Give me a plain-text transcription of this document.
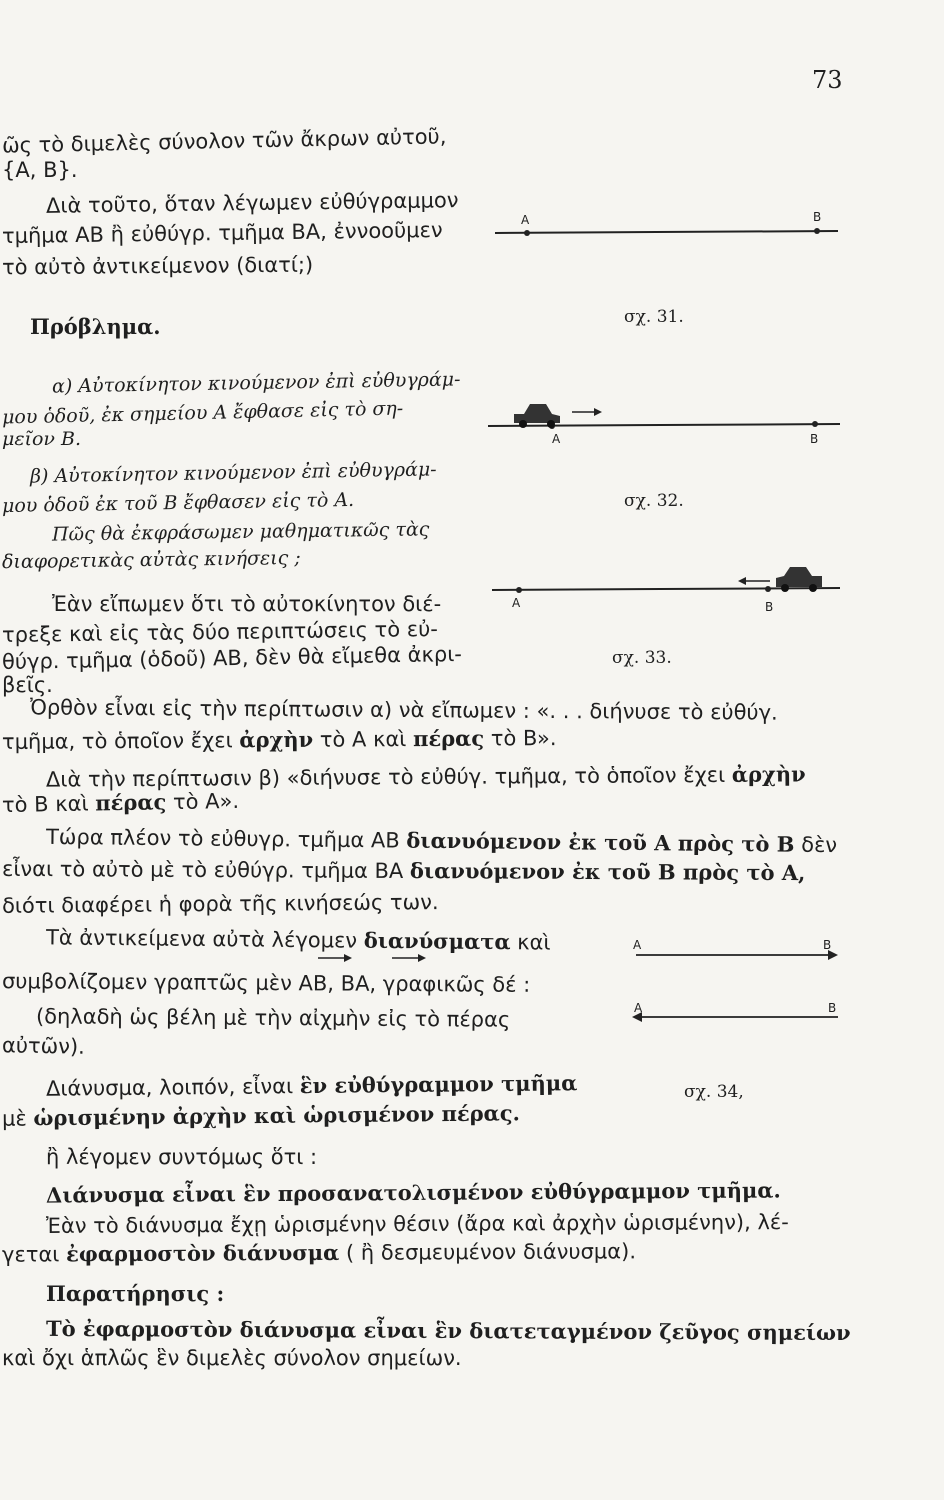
73
ῶς τὸ διμελὲς σύνολον τῶν ἄκρων αὐτοῦ,
{A, B}.
Διὰ τοῦτο, ὅταν λέγωμεν εὐθύγραμμον
τμῆμα AB ἢ εὐθύγρ. τμῆμα BA, ἐννοοῦμεν
τὸ αὐτὸ ἀντικείμενον (διατί;)
Πρόβλημα.
α) Αὐτοκίνητον κινούμενον ἐπὶ εὐθυγράμ-
μου ὁδοῦ, ἐκ σημείου A ἔφθασε εἰς τὸ ση-
μεῖον B.
β) Αὐτοκίνητον κινούμενον ἐπὶ εὐθυγράμ-
μου ὁδοῦ ἐκ τοῦ B ἔφθασεν εἰς τὸ A.
Πῶς θὰ ἐκφράσωμεν μαθηματικῶς τὰς
διαφορετικὰς αὐτὰς κινήσεις ;
Ἐὰν εἴπωμεν ὅτι τὸ αὐτοκίνητον διέ-
τρεξε καὶ εἰς τὰς δύο περιπτώσεις τὸ εὐ-
θύγρ. τμῆμα (ὁδοῦ) AB, δὲν θὰ εἴμεθα ἀκρι-
βεῖς.
Ὀρθὸν εἶναι εἰς τὴν περίπτωσιν α) νὰ εἴπωμεν : «. . . διήνυσε τὸ εὐθύγ.
τμῆμα, τὸ ὁποῖον ἔχει ἀρχὴν τὸ A καὶ πέρας τὸ B».
Διὰ τὴν περίπτωσιν β) «διήνυσε τὸ εὐθύγ. τμῆμα, τὸ ὁποῖον ἔχει ἀρχὴν
τὸ B καὶ πέρας τὸ A».
Τώρα πλέον τὸ εὐθυγρ. τμῆμα AB διανυόμενον ἐκ τοῦ A πρὸς τὸ B δὲν
εἶναι τὸ αὐτὸ μὲ τὸ εὐθύγρ. τμῆμα BA διανυόμενον ἐκ τοῦ B πρὸς τὸ A,
διότι διαφέρει ἡ φορὰ τῆς κινήσεώς των.
Τὰ ἀντικείμενα αὐτὰ λέγομεν διανύσματα καὶ
συμβολίζομεν γραπτῶς μὲν AB, BA, γραφικῶς δέ :
(δηλαδὴ ὡς βέλη μὲ τὴν αἰχμὴν εἰς τὸ πέρας
αὐτῶν).
Διάνυσμα, λοιπόν, εἶναι ἓν εὐθύγραμμον τμῆμα
μὲ ὡρισμένην ἀρχὴν καὶ ὡρισμένον πέρας.
ἢ λέγομεν συντόμως ὅτι :
Διάνυσμα εἶναι ἓν προσανατολισμένον εὐθύγραμμον τμῆμα.
Ἐὰν τὸ διάνυσμα ἔχῃ ὡρισμένην θέσιν (ἄρα καὶ ἀρχὴν ὡρισμένην), λέ-
γεται ἐφαρμοστὸν διάνυσμα ( ἢ δεσμευμένον διάνυσμα).
Παρατήρησις :
Τὸ ἐφαρμοστὸν διάνυσμα εἶναι ἓν διατεταγμένον ζεῦγος σημείων
καὶ ὄχι ἁπλῶς ἓν διμελὲς σύνολον σημείων.
A	B
σχ. 31.
A	B
σχ. 32.
A	B
σχ. 33.
A	B
A	B
σχ. 34,
